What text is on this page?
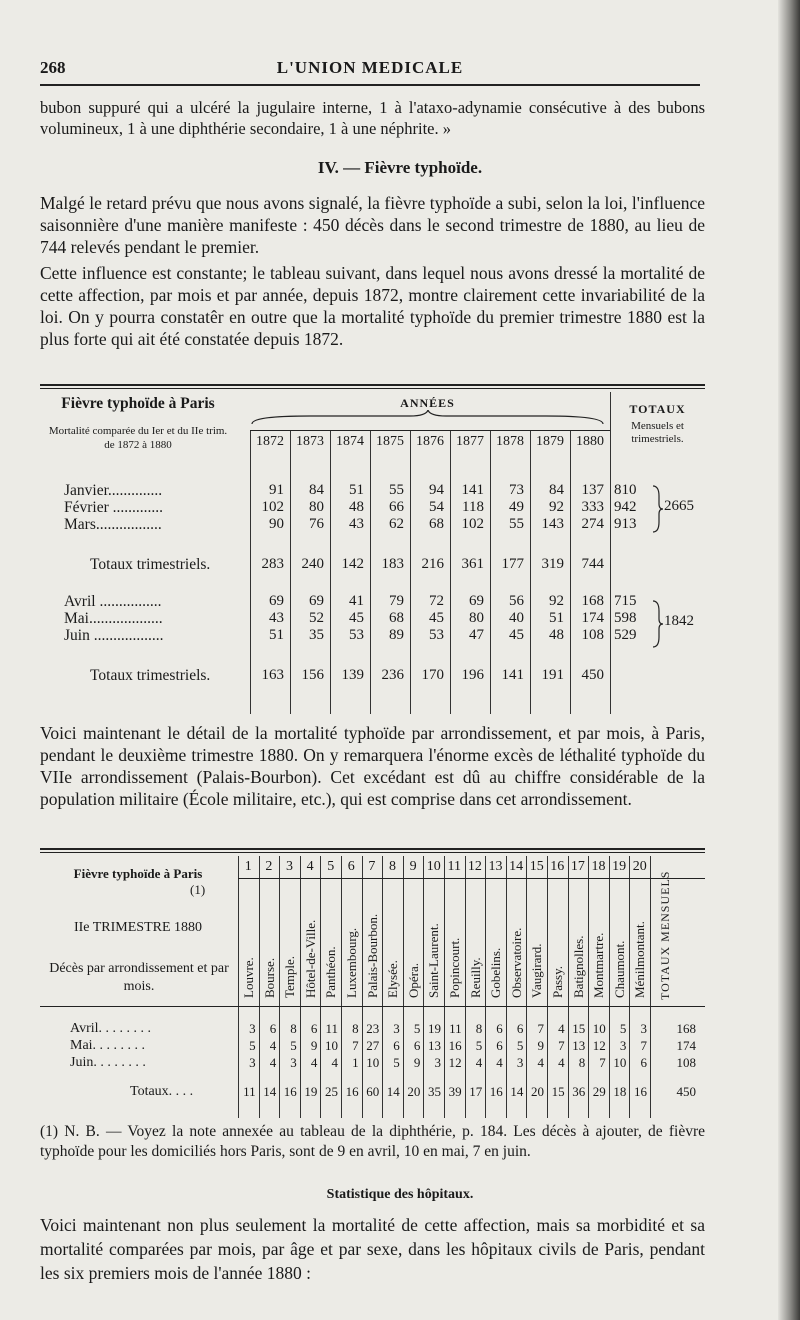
268	L'UNION MEDICALE
bubon suppuré qui a ulcéré la jugulaire interne, 1 à l'ataxo-adynamie consécutive à des bubons volumineux, 1 à une diphthérie secondaire, 1 à une néphrite. »
IV. — Fièvre typhoïde.
Malgé le retard prévu que nous avons signalé, la fièvre typhoïde a subi, selon la loi, l'influence saisonnière d'une manière manifeste : 450 décès dans le second trimestre de 1880, au lieu de 744 relevés pendant le premier.
Cette influence est constante; le tableau suivant, dans lequel nous avons dressé la mortalité de cette affection, par mois et par année, depuis 1872, montre clairement cette invariabilité de la loi. On y pourra constatêr en outre que la mortalité typhoïde du premier trimestre 1880 est la plus forte qui ait été constatée depuis 1872.
Fièvre typhoïde à Paris
Mortalité comparée du Ier et du IIe trim. de 1872 à 1880
ANNÉES	TOTAUX
Mensuels et trimestriels.
1872 1873 1874 1875 1876 1877 1878 1879 1880
Janvier..............	91	84	51	55	94	141	73	84	137 810
Février .............	102	80	48	66	54	118	49	92	333 942
Mars.................	90	76	43	62	68	102	55	143	274 913
Totaux trimestriels.	283	240	142	183	216	361	177	319	744
Avril ................	69	69	41	79	72	69	56	92	168 715
Mai...................	43	52	45	68	45	80	40	51	174 598
Juin ..................	51	35	53	89	53	47	45	48	108 529
Totaux trimestriels.	163	156	139	236	170	196	141	191	450
2665
1842
Voici maintenant le détail de la mortalité typhoïde par arrondissement, et par mois, à Paris, pendant le deuxième trimestre 1880. On y remarquera l'énorme excès de léthalité typhoïde du VIIe arrondissement (Palais-Bourbon). Cet excédant est dû au chiffre considérable de la population militaire (École militaire, etc.), qui est comprise dans cet arrondissement.
Fièvre typhoïde à Paris
(1)
IIe TRIMESTRE 1880
Décès par arrondissement et par mois.
1 2 3 4 5 6 7 8 9 10 11 12 13 14 15 16 17 18 19 20
Louvre. Bourse. Temple. Hôtel-de-Ville. Panthéon. Luxembourg. Palais-Bourbon. Elysée. Opéra. Saint-Laurent. Popincourt. Reuilly. Gobelins. Observatoire. Vaugirard. Passy. Batignolles. Montmartre. Chaumont. Ménilmontant. TOTAUX MENSUELS
Avril. . . . . . . .	3	6	8	6 11	8 23	3	5 19 11	8	6	6	7	4 15 10	5	3	168
Mai. . . . . . . .	5	4	5	9 10	7 27	6	6 13 16	5	6	5	9	7 13 12	3	7	174
Juin. . . . . . . .	3	4	3	4	4	1 10	5	9	3 12	4	4	3	4	4	8	7 10	6	108
Totaux. . . .	11 14 16 19 25 16 60 14 20 35 39 17 16 14 20 15 36 29 18 16	450
(1) N. B. — Voyez la note annexée au tableau de la diphthérie, p. 184. Les décès à ajouter, de fièvre typhoïde pour les domiciliés hors Paris, sont de 9 en avril, 10 en mai, 7 en juin.
Statistique des hôpitaux.
Voici maintenant non plus seulement la mortalité de cette affection, mais sa morbidité et sa mortalité comparées par mois, par âge et par sexe, dans les hôpitaux civils de Paris, pendant les six premiers mois de l'année 1880 :
